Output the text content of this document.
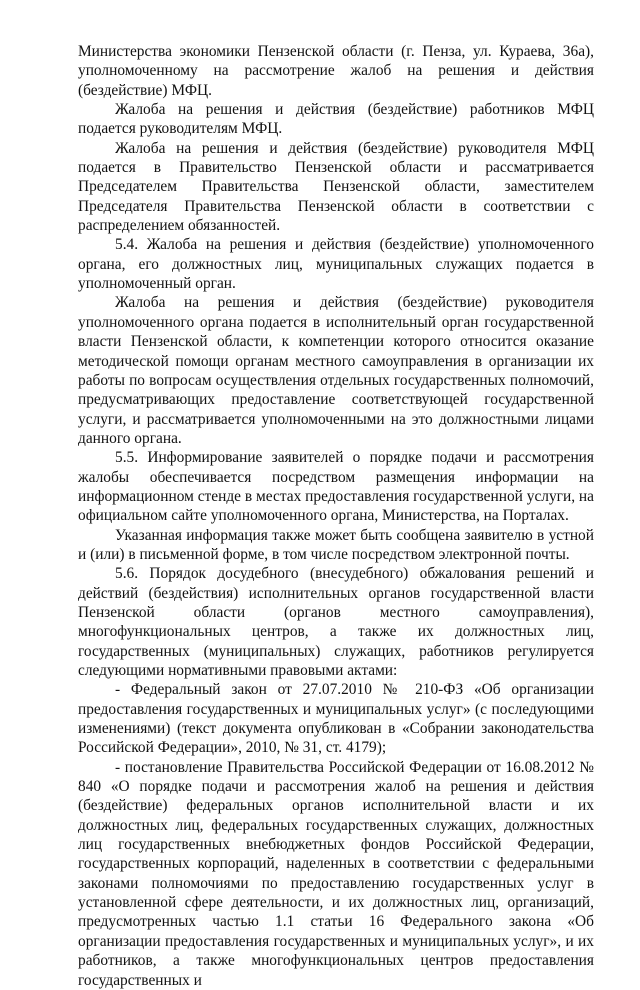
Министерства экономики Пензенской области (г. Пенза, ул. Кураева, 36а), уполномоченному на рассмотрение жалоб на решения и действия (бездействие) МФЦ.

Жалоба на решения и действия (бездействие) работников МФЦ подается руководителям МФЦ.

Жалоба на решения и действия (бездействие) руководителя МФЦ подается в Правительство Пензенской области и рассматривается Председателем Правительства Пензенской области, заместителем Председателя Правительства Пензенской области в соответствии с распределением обязанностей.

5.4. Жалоба на решения и действия (бездействие) уполномоченного органа, его должностных лиц, муниципальных служащих подается в уполномоченный орган.

Жалоба на решения и действия (бездействие) руководителя уполномоченного органа подается в исполнительный орган государственной власти Пензенской области, к компетенции которого относится оказание методической помощи органам местного самоуправления в организации их работы по вопросам осуществления отдельных государственных полномочий, предусматривающих предоставление соответствующей государственной услуги, и рассматривается уполномоченными на это должностными лицами данного органа.

5.5. Информирование заявителей о порядке подачи и рассмотрения жалобы обеспечивается посредством размещения информации на информационном стенде в местах предоставления государственной услуги, на официальном сайте уполномоченного органа, Министерства, на Порталах.

Указанная информация также может быть сообщена заявителю в устной и (или) в письменной форме, в том числе посредством электронной почты.

5.6. Порядок досудебного (внесудебного) обжалования решений и действий (бездействия) исполнительных органов государственной власти Пензенской области (органов местного самоуправления), многофункциональных центров, а также их должностных лиц, государственных (муниципальных) служащих, работников регулируется следующими нормативными правовыми актами:

- Федеральный закон от 27.07.2010 № 210-ФЗ «Об организации предоставления государственных и муниципальных услуг» (с последующими изменениями) (текст документа опубликован в «Собрании законодательства Российской Федерации», 2010, № 31, ст. 4179);

- постановление Правительства Российской Федерации от 16.08.2012 № 840 «О порядке подачи и рассмотрения жалоб на решения и действия (бездействие) федеральных органов исполнительной власти и их должностных лиц, федеральных государственных служащих, должностных лиц государственных внебюджетных фондов Российской Федерации, государственных корпораций, наделенных в соответствии с федеральными законами полномочиями по предоставлению государственных услуг в установленной сфере деятельности, и их должностных лиц, организаций, предусмотренных частью 1.1 статьи 16 Федерального закона «Об организации предоставления государственных и муниципальных услуг», и их работников, а также многофункциональных центров предоставления государственных и
